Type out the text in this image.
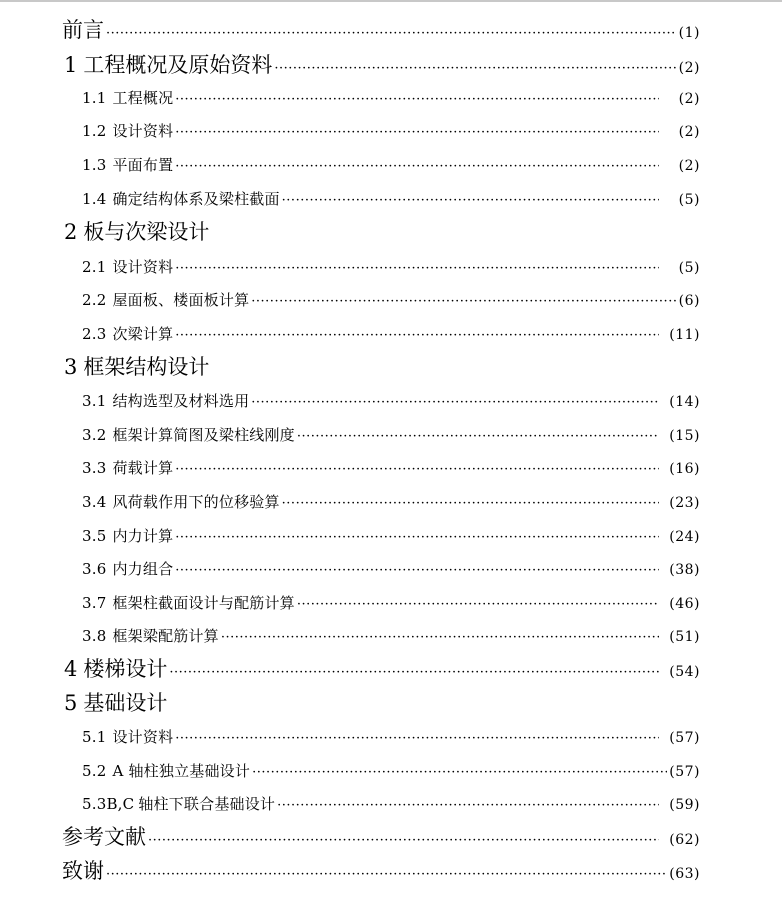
前言 ·····	( 1 )
1 工程概况及原始资料 ·····	( 2 )
1.1 工程概况 ·····	( 2 )
1.2 设计资料 ·····	( 2 )
1.3 平面布置 ·····	( 2 )
1.4 确定结构体系及梁柱截面 ·····	( 5 )
2 板与次梁设计
2.1 设计资料 ·····	( 5 )
2.2 屋面板、楼面板计算 ·····	( 6 )
2.3 次梁计算 ·····	( 11 )
3 框架结构设计
3.1 结构选型及材料选用 ·····	( 14 )
3.2 框架计算简图及梁柱线刚度 ·····	( 15 )
3.3 荷载计算 ·····	( 16 )
3.4 风荷载作用下的位移验算 ·····	( 23 )
3.5 内力计算 ·····	( 24 )
3.6 内力组合 ·····	( 38 )
3.7 框架柱截面设计与配筋计算 ·····	( 46 )
3.8 框架梁配筋计算 ·····	( 51 )
4 楼梯设计 ·····	( 54 )
5 基础设计
5.1 设计资料 ·····	( 57 )
5.2 A 轴柱独立基础设计 ·····	( 57 )
5.3B,C 轴柱下联合基础设计 ·····	( 59 )
参考文献 ·····	( 62 )
致谢 ·····	( 63 )
